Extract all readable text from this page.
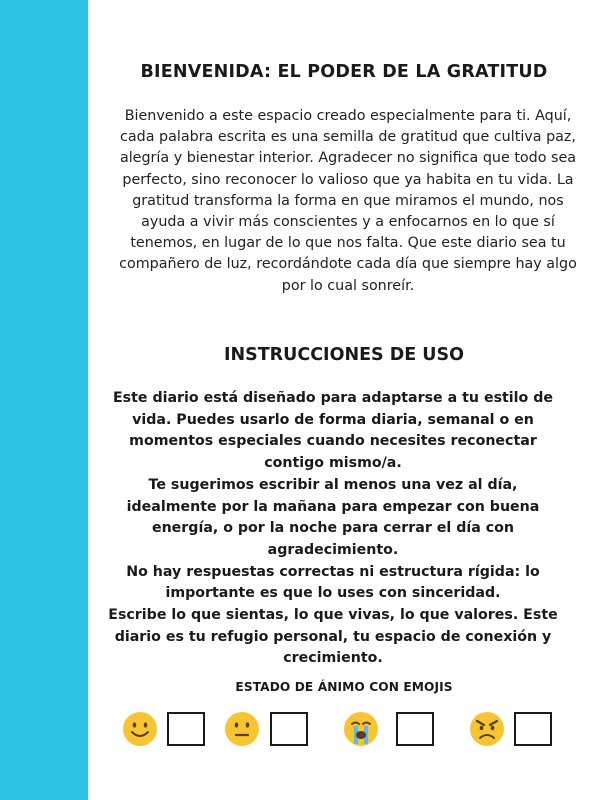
BIENVENIDA: EL PODER DE LA GRATITUD

Bienvenido a este espacio creado especialmente para ti. Aquí, cada palabra escrita es una semilla de gratitud que cultiva paz, alegría y bienestar interior. Agradecer no significa que todo sea perfecto, sino reconocer lo valioso que ya habita en tu vida. La gratitud transforma la forma en que miramos el mundo, nos ayuda a vivir más conscientes y a enfocarnos en lo que sí tenemos, en lugar de lo que nos falta. Que este diario sea tu compañero de luz, recordándote cada día que siempre hay algo por lo cual sonreír.

INSTRUCCIONES DE USO

Este diario está diseñado para adaptarse a tu estilo de vida. Puedes usarlo de forma diaria, semanal o en momentos especiales cuando necesites reconectar contigo mismo/a.

Te sugerimos escribir al menos una vez al día, idealmente por la mañana para empezar con buena energía, o por la noche para cerrar el día con agradecimiento.

No hay respuestas correctas ni estructura rígida: lo importante es que lo uses con sinceridad.

Escribe lo que sientas, lo que vivas, lo que valores. Este diario es tu refugio personal, tu espacio de conexión y crecimiento.

ESTADO DE ÁNIMO CON EMOJIS
